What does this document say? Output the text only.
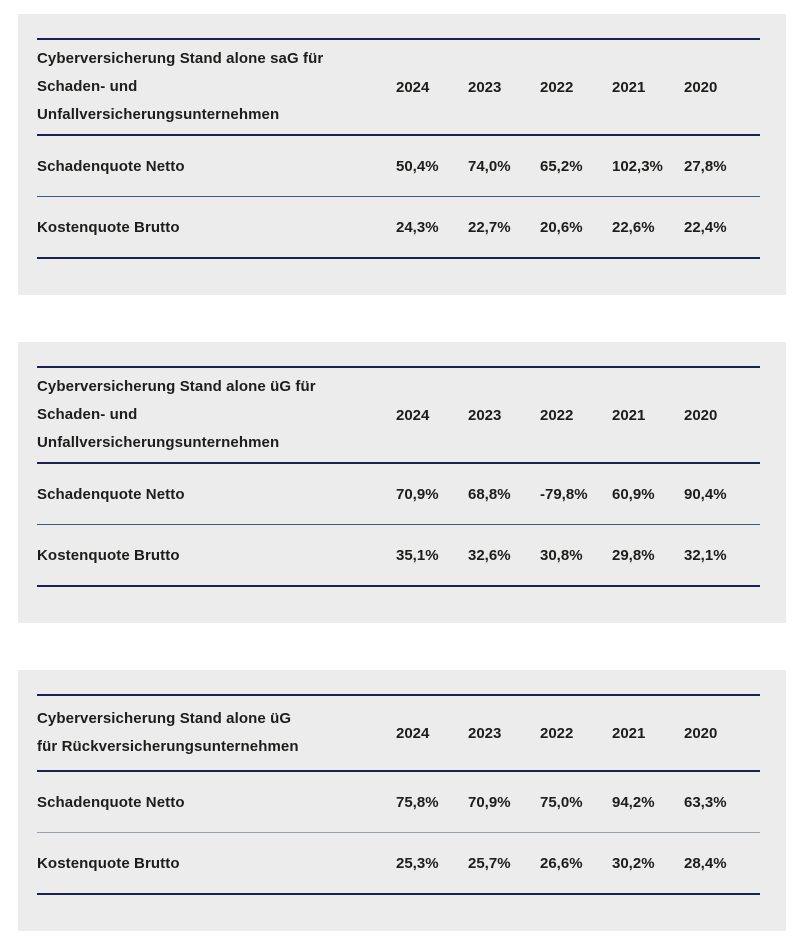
Cyberversicherung Stand alone saG für
Schaden- und
Unfallversicherungsunternehmen
2024	2023	2022	2021	2020
Schadenquote Netto	50,4%	74,0%	65,2%	102,3%	27,8%
Kostenquote Brutto	24,3%	22,7%	20,6%	22,6%	22,4%
Cyberversicherung Stand alone üG für
Schaden- und
Unfallversicherungsunternehmen
2024	2023	2022	2021	2020
Schadenquote Netto	70,9%	68,8%	-79,8%	60,9%	90,4%
Kostenquote Brutto	35,1%	32,6%	30,8%	29,8%	32,1%
Cyberversicherung Stand alone üG
für Rückversicherungsunternehmen
2024	2023	2022	2021	2020
Schadenquote Netto	75,8%	70,9%	75,0%	94,2%	63,3%
Kostenquote Brutto	25,3%	25,7%	26,6%	30,2%	28,4%
